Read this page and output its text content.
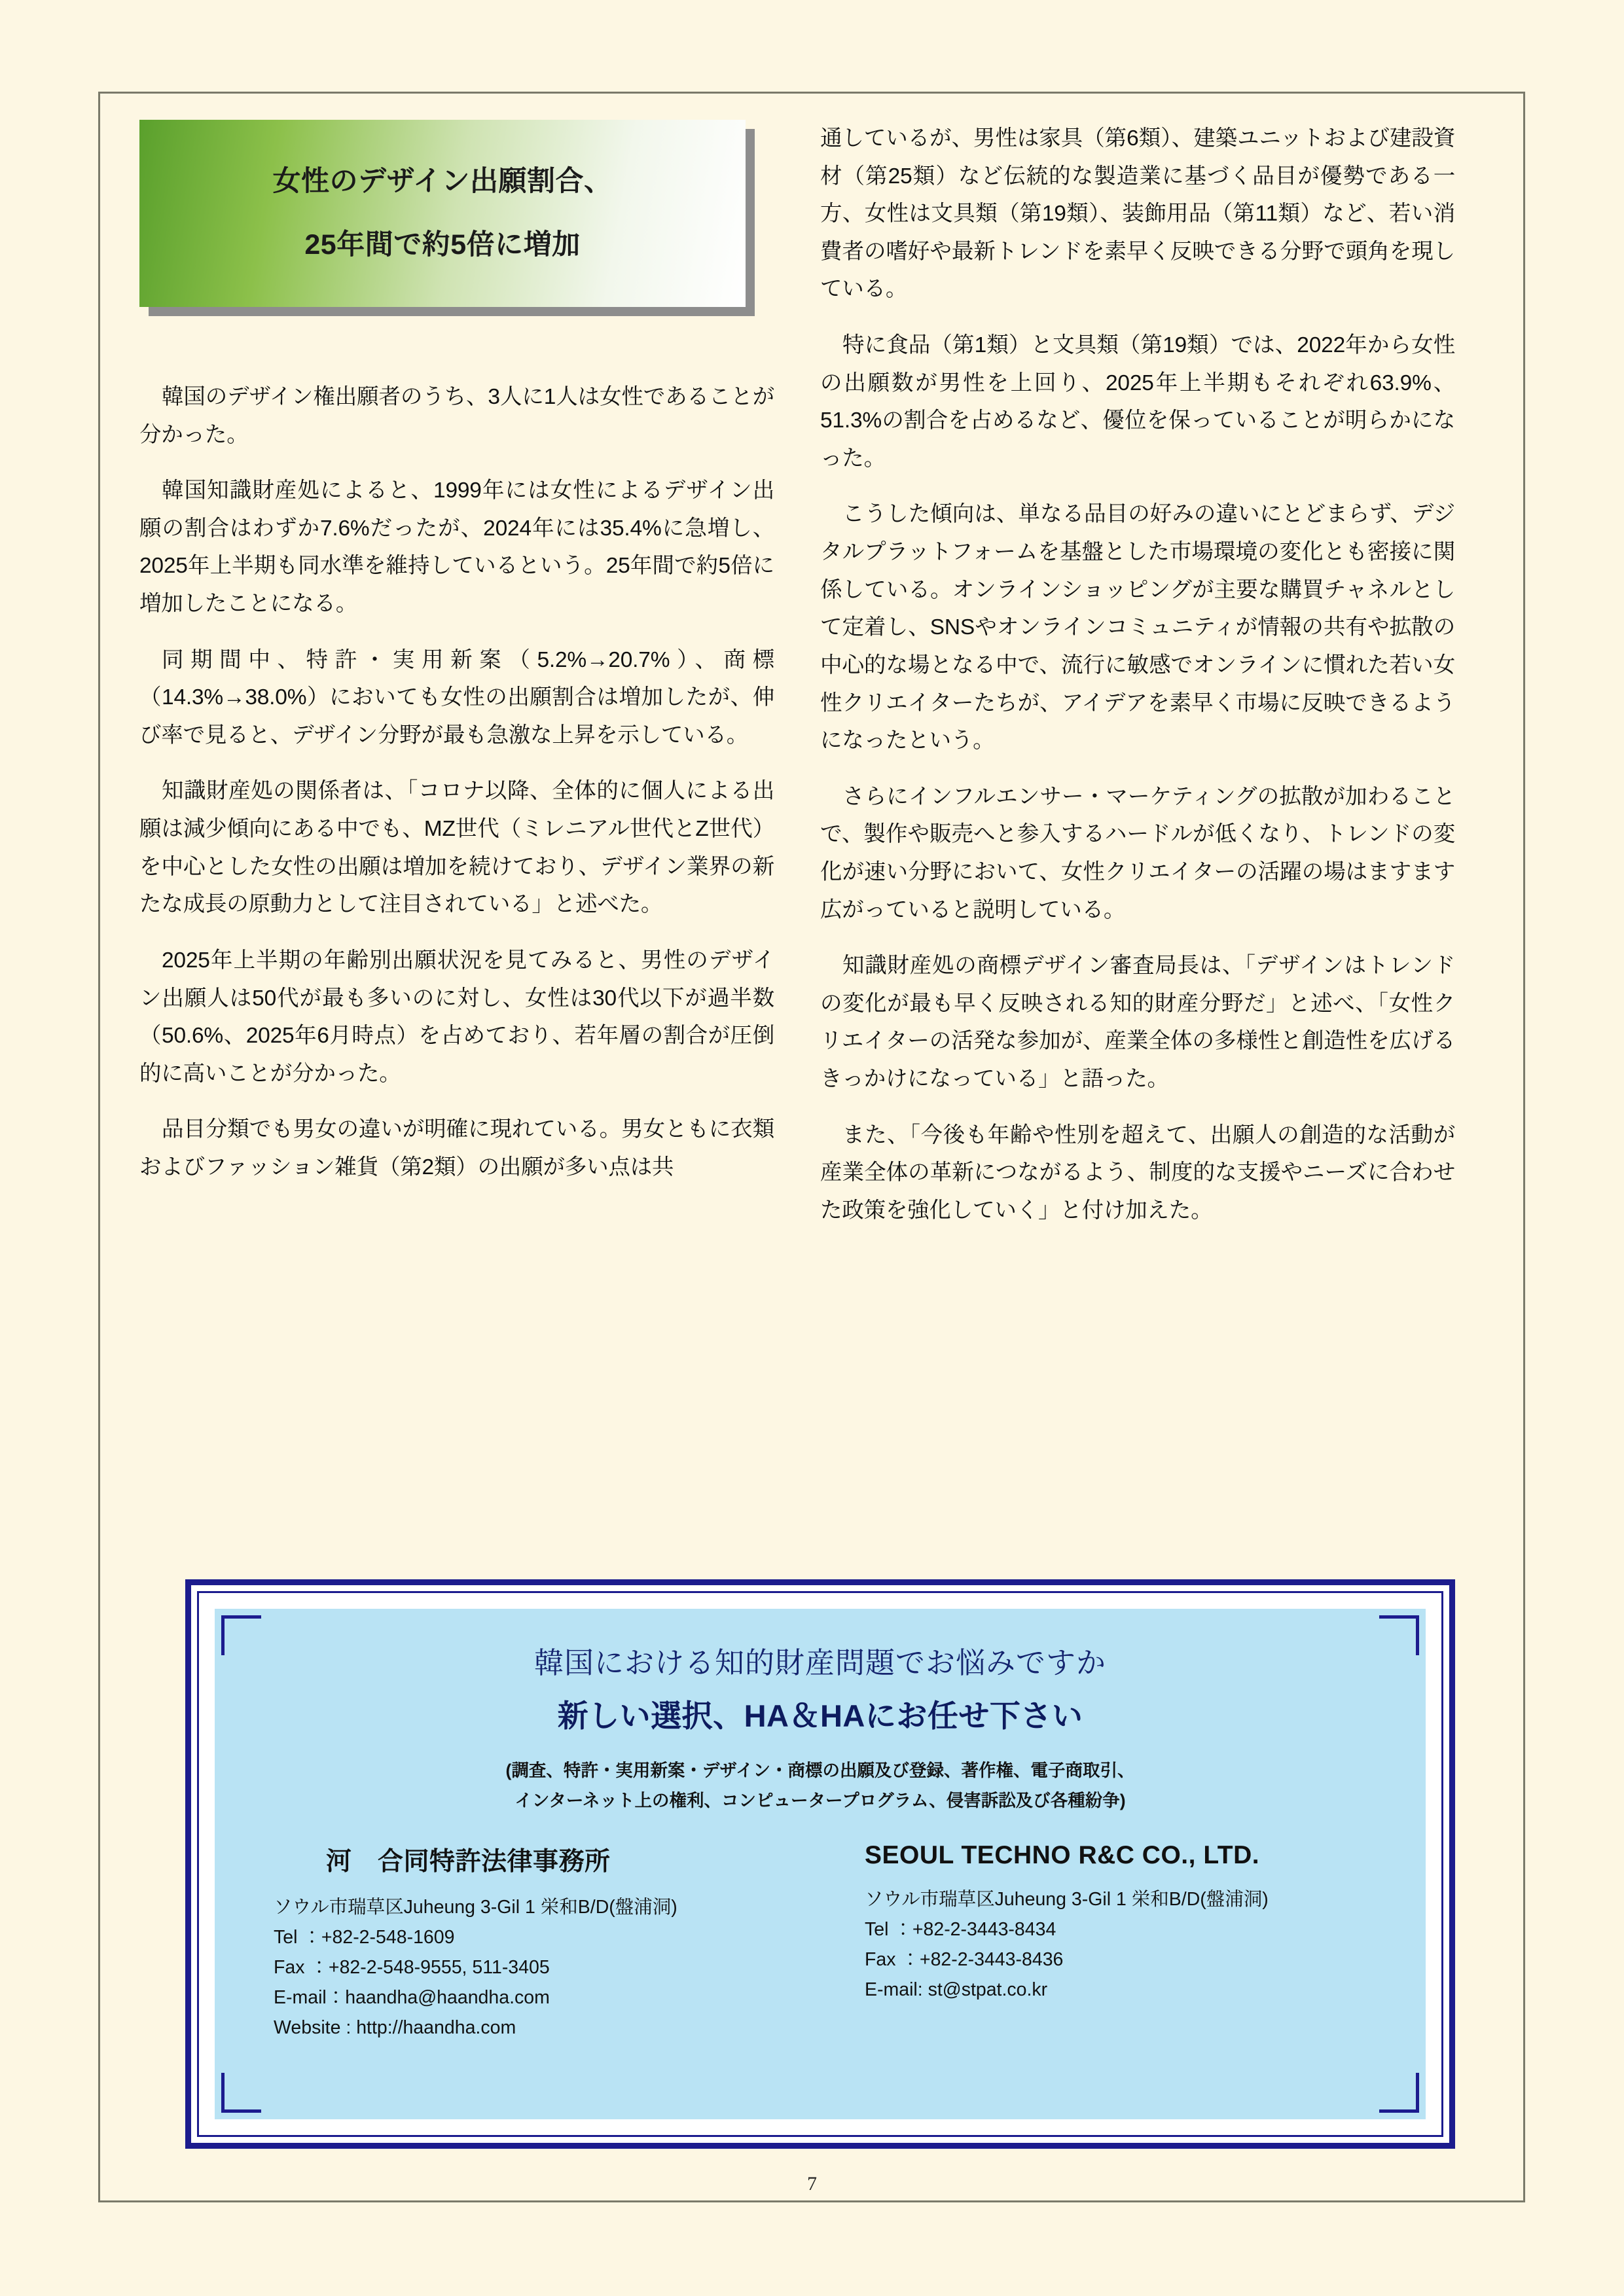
女性のデザイン出願割合、
25年間で約5倍に増加

韓国のデザイン権出願者のうち、3人に1人は女性であることが分かった。

韓国知識財産処によると、1999年には女性によるデザイン出願の割合はわずか7.6%だったが、2024年には35.4%に急増し、2025年上半期も同水準を維持しているという。25年間で約5倍に増加したことになる。

同期間中、特許・実用新案（5.2%→20.7%）、商標（14.3%→38.0%）においても女性の出願割合は増加したが、伸び率で見ると、デザイン分野が最も急激な上昇を示している。

知識財産処の関係者は、「コロナ以降、全体的に個人による出願は減少傾向にある中でも、MZ世代（ミレニアル世代とZ世代）を中心とした女性の出願は増加を続けており、デザイン業界の新たな成長の原動力として注目されている」と述べた。

2025年上半期の年齢別出願状況を見てみると、男性のデザイン出願人は50代が最も多いのに対し、女性は30代以下が過半数（50.6%、2025年6月時点）を占めており、若年層の割合が圧倒的に高いことが分かった。

品目分類でも男女の違いが明確に現れている。男女ともに衣類およびファッション雑貨（第2類）の出願が多い点は共

通しているが、男性は家具（第6類）、建築ユニットおよび建設資材（第25類）など伝統的な製造業に基づく品目が優勢である一方、女性は文具類（第19類）、装飾用品（第11類）など、若い消費者の嗜好や最新トレンドを素早く反映できる分野で頭角を現している。

特に食品（第1類）と文具類（第19類）では、2022年から女性の出願数が男性を上回り、2025年上半期もそれぞれ63.9%、51.3%の割合を占めるなど、優位を保っていることが明らかになった。

こうした傾向は、単なる品目の好みの違いにとどまらず、デジタルプラットフォームを基盤とした市場環境の変化とも密接に関係している。オンラインショッピングが主要な購買チャネルとして定着し、SNSやオンラインコミュニティが情報の共有や拡散の中心的な場となる中で、流行に敏感でオンラインに慣れた若い女性クリエイターたちが、アイデアを素早く市場に反映できるようになったという。

さらにインフルエンサー・マーケティングの拡散が加わることで、製作や販売へと参入するハードルが低くなり、トレンドの変化が速い分野において、女性クリエイターの活躍の場はますます広がっていると説明している。

知識財産処の商標デザイン審査局長は、「デザインはトレンドの変化が最も早く反映される知的財産分野だ」と述べ、「女性クリエイターの活発な参加が、産業全体の多様性と創造性を広げるきっかけになっている」と語った。

また、「今後も年齢や性別を超えて、出願人の創造的な活動が産業全体の革新につながるよう、制度的な支援やニーズに合わせた政策を強化していく」と付け加えた。

韓国における知的財産問題でお悩みですか
新しい選択、HA＆HAにお任せ下さい
(調査、特許・実用新案・デザイン・商標の出願及び登録、著作権、電子商取引、
インターネット上の権利、コンピュータープログラム、侵害訴訟及び各種紛争)
河　合同特許法律事務所
ソウル市瑞草区Juheung 3-Gil 1 栄和B/D(盤浦洞)
Tel ：+82-2-548-1609
Fax ：+82-2-548-9555, 511-3405
E-mail：haandha@haandha.com
Website : http://haandha.com
SEOUL TECHNO R&C CO., LTD.
ソウル市瑞草区Juheung 3-Gil 1 栄和B/D(盤浦洞)
Tel ：+82-2-3443-8434
Fax ：+82-2-3443-8436
E-mail: st@stpat.co.kr
7
